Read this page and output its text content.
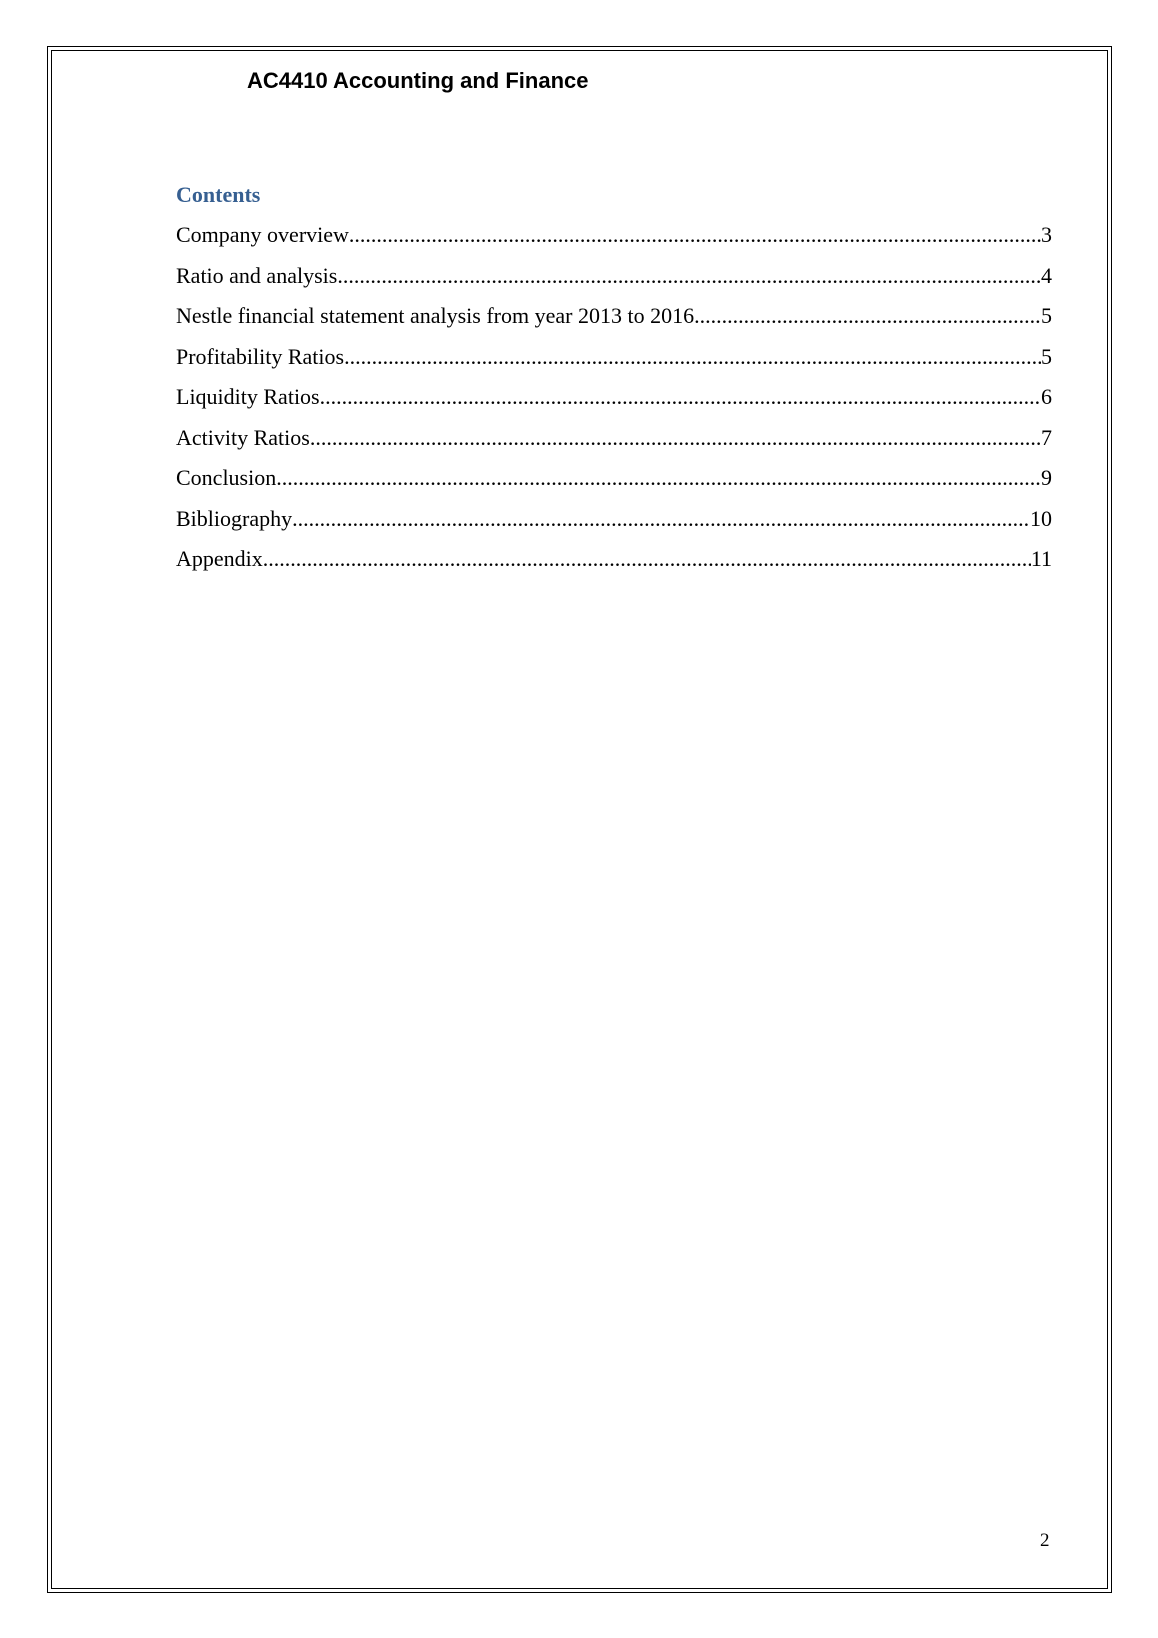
AC4410 Accounting and Finance
Contents
Company overview .....	3
Ratio and analysis .....	4
Nestle financial statement analysis from year 2013 to 2016 .....	5
Profitability Ratios .....	5
Liquidity Ratios .....	6
Activity Ratios .....	7
Conclusion .....	9
Bibliography .....	10
Appendix .....	11
2
